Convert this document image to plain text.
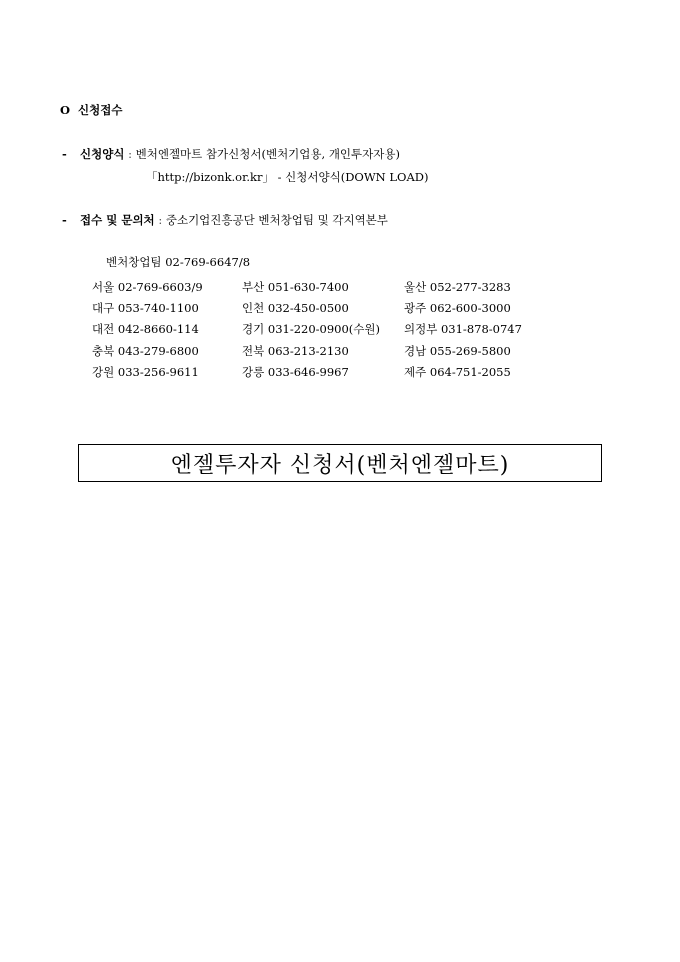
Ο 신청접수
- 신청양식 : 벤처엔젤마트 참가신청서(벤처기업용, 개인투자자용)
「http://bizonk.or.kr」 - 신청서양식(DOWN LOAD)
- 접수 및 문의처 : 중소기업진흥공단 벤처창업팀 및 각지역본부
벤처창업팀 02-769-6647/8
서울 02-769-6603/9	부산 051-630-7400	울산 052-277-3283
대구 053-740-1100	인천 032-450-0500	광주 062-600-3000
대전 042-8660-114	경기 031-220-0900(수원) 의정부 031-878-0747
충북 043-279-6800	전북 063-213-2130	경남 055-269-5800
강원 033-256-9611	강릉 033-646-9967	제주 064-751-2055
엔젤투자자 신청서(벤처엔젤마트)
